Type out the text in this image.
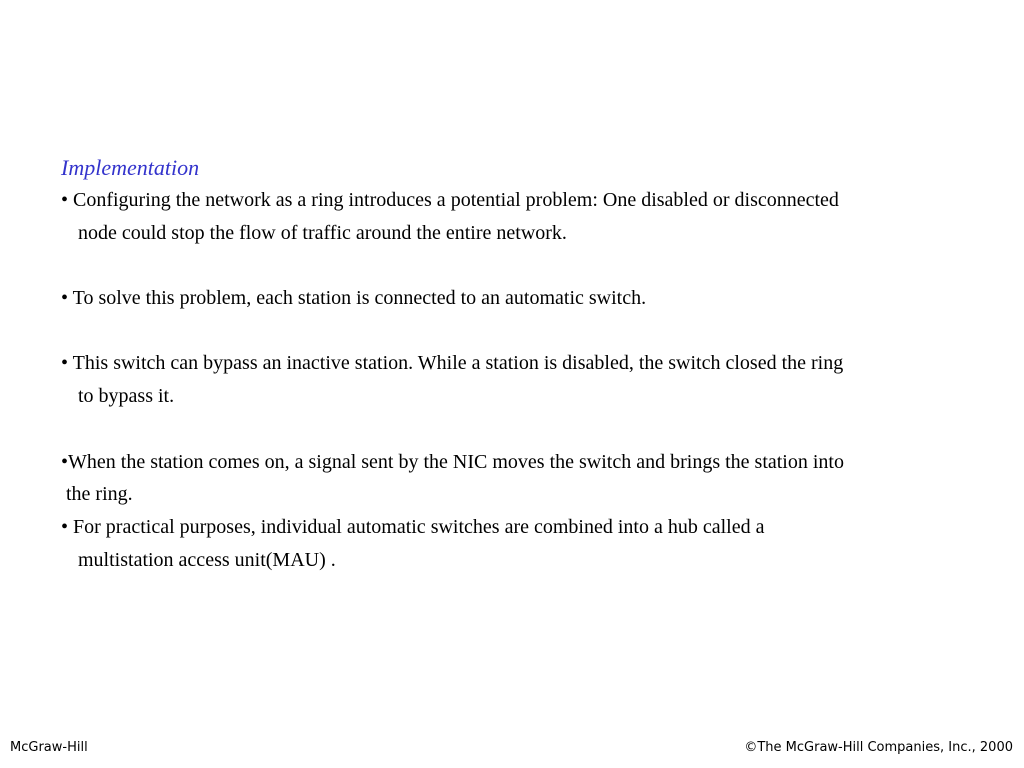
Implementation
• Configuring the network as a ring introduces a potential problem: One disabled or disconnected
node could stop the flow of traffic around the entire network.
• To solve this problem, each station is connected to an automatic switch.
• This switch can bypass an inactive station. While a station is disabled, the switch closed the ring
to bypass it.
•When the station comes on, a signal sent by the NIC moves the switch and brings the station into
the ring.
• For practical purposes, individual automatic switches are combined into a hub called a
multistation access unit(MAU) .
McGraw-Hill	©The McGraw-Hill Companies, Inc., 2000
